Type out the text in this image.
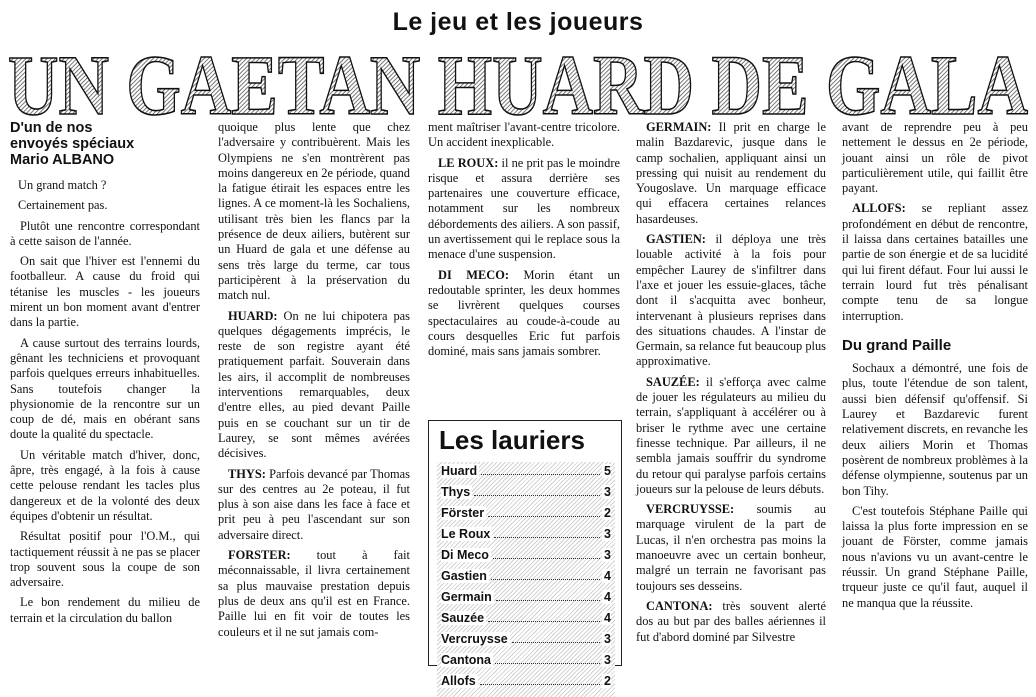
Le jeu et les joueurs
UN GAETAN HUARD DE GALA
D'un de nos
envoyés spéciaux
Mario ALBANO

Un grand match ?

Certainement pas.

Plutôt une rencontre correspondant à cette saison de l'année.

On sait que l'hiver est l'ennemi du footballeur. A cause du froid qui tétanise les muscles - les joueurs mirent un bon moment avant d'entrer dans la partie.

A cause surtout des terrains lourds, gênant les techniciens et provoquant parfois quelques erreurs inhabituelles. Sans toutefois changer la physionomie de la rencontre sur un coup de dé, mais en obérant sans doute la qualité du spectacle.

Un véritable match d'hiver, donc, âpre, très engagé, à la fois à cause cette pelouse rendant les tacles plus dangereux et de la volonté des deux équipes d'obtenir un résultat.

Résultat positif pour l'O.M., qui tactiquement réussit à ne pas se placer trop souvent sous la coupe de son adversaire.

Le bon rendement du milieu de terrain et la circulation du ballon

quoique plus lente que chez l'adversaire y contribuèrent. Mais les Olympiens ne s'en montrèrent pas moins dangereux en 2e période, quand la fatigue étirait les espaces entre les lignes. A ce moment-là les Sochaliens, utilisant très bien les flancs par la présence de deux ailiers, butèrent sur un Huard de gala et une défense au sens très large du terme, car tous participèrent à la préservation du match nul.

HUARD: On ne lui chipotera pas quelques dégagements imprécis, le reste de son registre ayant été pratiquement parfait. Souverain dans les airs, il accomplit de nombreuses interventions remarquables, deux d'entre elles, au pied devant Paille puis en se couchant sur un tir de Laurey, se sont mêmes avérées décisives.

THYS: Parfois devancé par Thomas sur des centres au 2e poteau, il fut plus à son aise dans les face à face et prit peu à peu l'ascendant sur son adversaire direct.

FORSTER: tout à fait méconnaissable, il livra certainement sa plus mauvaise prestation depuis plus de deux ans qu'il est en France. Paille lui en fit voir de toutes les couleurs et il ne sut jamais com-

ment maîtriser l'avant-centre tricolore. Un accident inexplicable.

LE ROUX: il ne prit pas le moindre risque et assura derrière ses partenaires une couverture efficace, notamment sur les nombreux débordements des ailiers. A son passif, un avertissement qui le replace sous la menace d'une suspension.

DI MECO: Morin étant un redoutable sprinter, les deux hommes se livrèrent quelques courses spectaculaires au coude-à-coude au cours desquelles Eric fut parfois dominé, mais sans jamais sombrer.

Les lauriers
Huard	5
Thys	3
Förster	2
Le Roux	3
Di Meco	3
Gastien	4
Germain	4
Sauzée	4
Vercruysse	3
Cantona	3
Allofs	2

GERMAIN: Il prit en charge le malin Bazdarevic, jusque dans le camp sochalien, appliquant ainsi un pressing qui nuisit au rendement du Yougoslave. Un marquage efficace qui effacera certaines relances hasardeuses.

GASTIEN: il déploya une très louable activité à la fois pour empêcher Laurey de s'infiltrer dans l'axe et jouer les essuie-glaces, tâche dont il s'acquitta avec bonheur, intervenant à plusieurs reprises dans des situations chaudes. A l'instar de Germain, sa relance fut beaucoup plus approximative.

SAUZÉE: il s'efforça avec calme de jouer les régulateurs au milieu du terrain, s'appliquant à accélérer ou à briser le rythme avec une certaine finesse technique. Par ailleurs, il ne sembla jamais souffrir du syndrome du retour qui paralyse parfois certains joueurs sur la pelouse de leurs débuts.

VERCRUYSSE: soumis au marquage virulent de la part de Lucas, il n'en orchestra pas moins la manoeuvre avec un certain bonheur, malgré un terrain ne favorisant pas toujours ses desseins.

CANTONA: très souvent alerté dos au but par des balles aériennes il fut d'abord dominé par Silvestre

avant de reprendre peu à peu nettement le dessus en 2e période, jouant ainsi un rôle de pivot particulièrement utile, qui faillit être payant.

ALLOFS: se repliant assez profondément en début de rencontre, il laissa dans certaines batailles une partie de son énergie et de sa lucidité qui lui firent défaut. Four lui aussi le terrain lourd fut très pénalisant compte tenu de sa longue interruption.

Du grand Paille

Sochaux a démontré, une fois de plus, toute l'étendue de son talent, aussi bien défensif qu'offensif. Si Laurey et Bazdarevic furent relativement discrets, en revanche les deux ailiers Morin et Thomas posèrent de nombreux problèmes à la défense olympienne, soutenus par un bon Tihy.

C'est toutefois Stéphane Paille qui laissa la plus forte impression en se jouant de Förster, comme jamais nous n'avions vu un avant-centre le réussir. Un grand Stéphane Paille, trqueur juste ce qu'il faut, auquel il ne manqua que la réussite.
